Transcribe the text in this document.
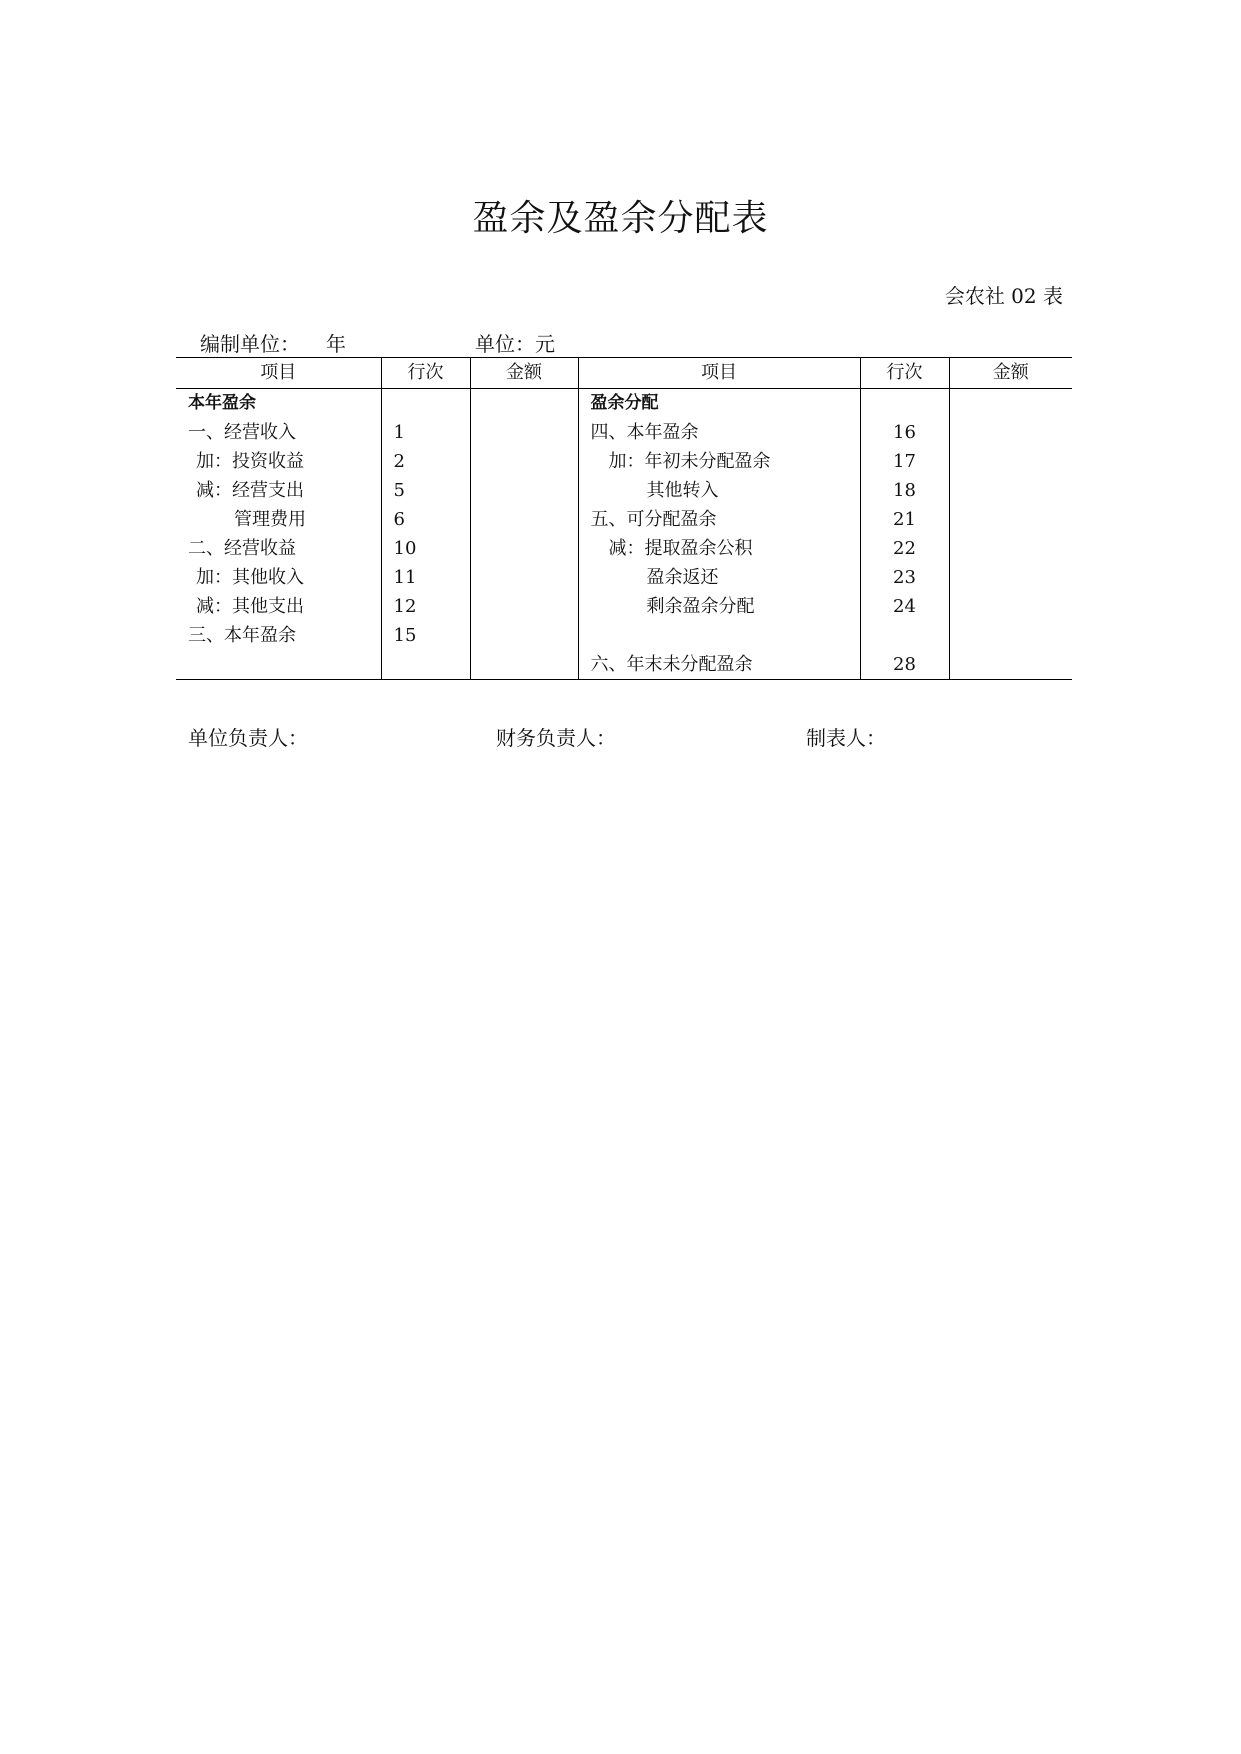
盈余及盈余分配表
会农社 02 表
编制单位： 年	单位：元
项目	行次	金额	项目	行次	金额
本年盈余			盈余分配		
一、经营收入	1		四、本年盈余	16	
加：投资收益	2		加：年初未分配盈余	17	
减：经营支出	5		其他转入	18	
管理费用	6		五、可分配盈余	21	
二、经营收益	10		减：提取盈余公积	22	
加：其他收入	11		盈余返还	23	
减：其他支出	12		剩余盈余分配	24	
三、本年盈余	15				
			六、年末未分配盈余	28	
单位负责人：	财务负责人：	制表人：
